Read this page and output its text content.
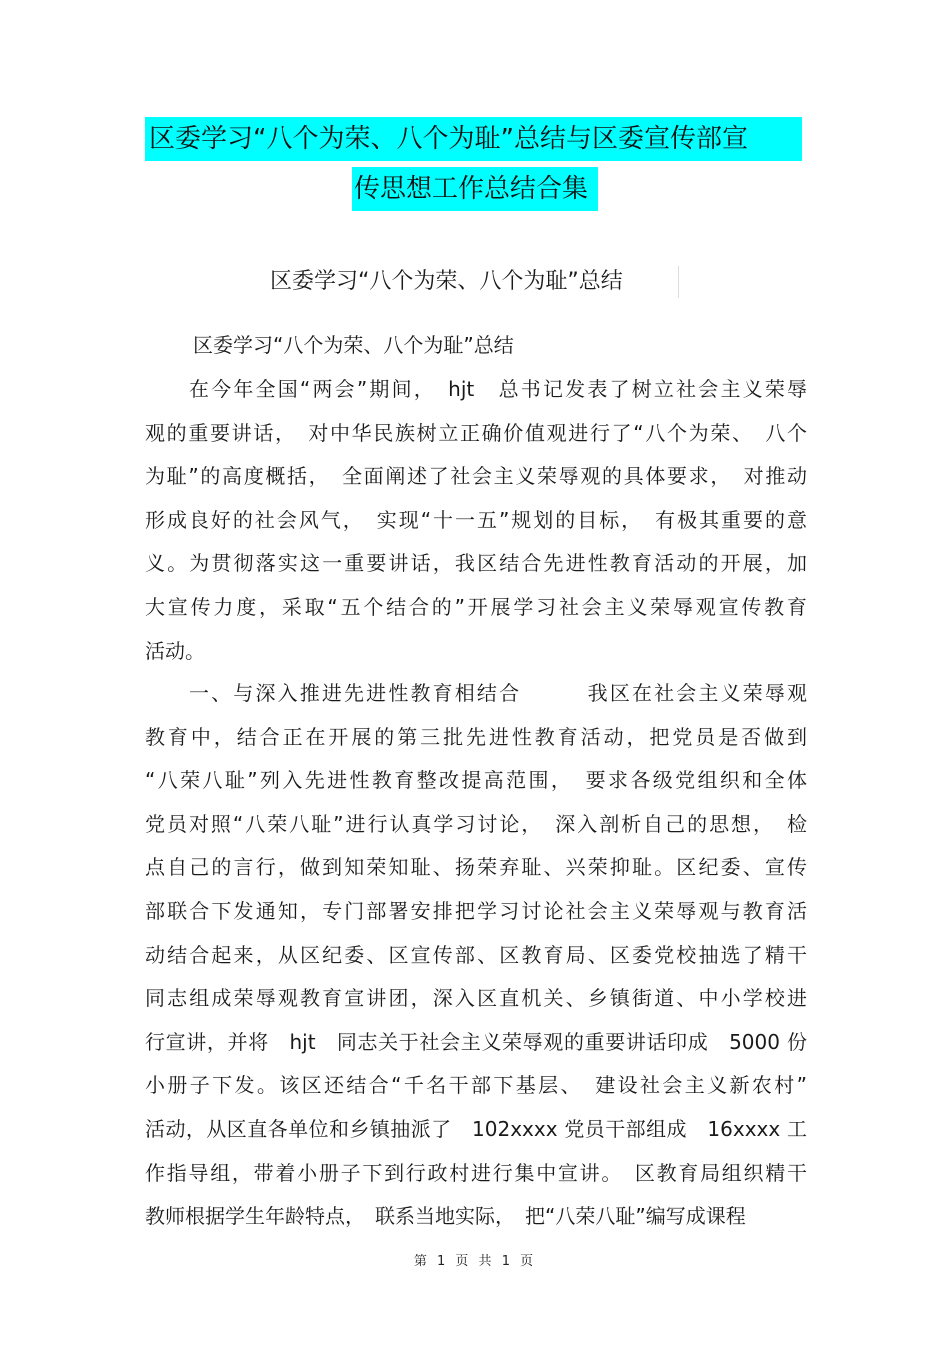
区委学习“八个为荣、八个为耻”总结与区委宣传部宣
传思想工作总结合集
区委学习“八个为荣、八个为耻”总结
区委学习“八个为荣、八个为耻”总结
在今年全国“两会”期间，　hjt　总书记发表了树立社会主义荣辱
观的重要讲话，　对中华民族树立正确价值观进行了“八个为荣、　八个
为耻”的高度概括，　全面阐述了社会主义荣辱观的具体要求，　对推动
形成良好的社会风气，　实现“十一五”规划的目标，　有极其重要的意
义。为贯彻落实这一重要讲话，我区结合先进性教育活动的开展，加
大宣传力度，采取“五个结合的”开展学习社会主义荣辱观宣传教育
活动。
一、与深入推进先进性教育相结合　　　我区在社会主义荣辱观
教育中，结合正在开展的第三批先进性教育活动，把党员是否做到
“八荣八耻”列入先进性教育整改提高范围，　要求各级党组织和全体
党员对照“八荣八耻”进行认真学习讨论，　深入剖析自己的思想，　检
点自己的言行，做到知荣知耻、扬荣弃耻、兴荣抑耻。区纪委、宣传
部联合下发通知，专门部署安排把学习讨论社会主义荣辱观与教育活
动结合起来，从区纪委、区宣传部、区教育局、区委党校抽选了精干
同志组成荣辱观教育宣讲团，深入区直机关、乡镇街道、中小学校进
行宣讲，并将　hjt　同志关于社会主义荣辱观的重要讲话印成　5000 份
小册子下发。该区还结合“千名干部下基层、　建设社会主义新农村”
活动，从区直各单位和乡镇抽派了　102xxxx 党员干部组成　16xxxx 工
作指导组，带着小册子下到行政村进行集中宣讲。　区教育局组织精干
教师根据学生年龄特点，　联系当地实际，　把“八荣八耻”编写成课程
第 1 页 共 1 页
